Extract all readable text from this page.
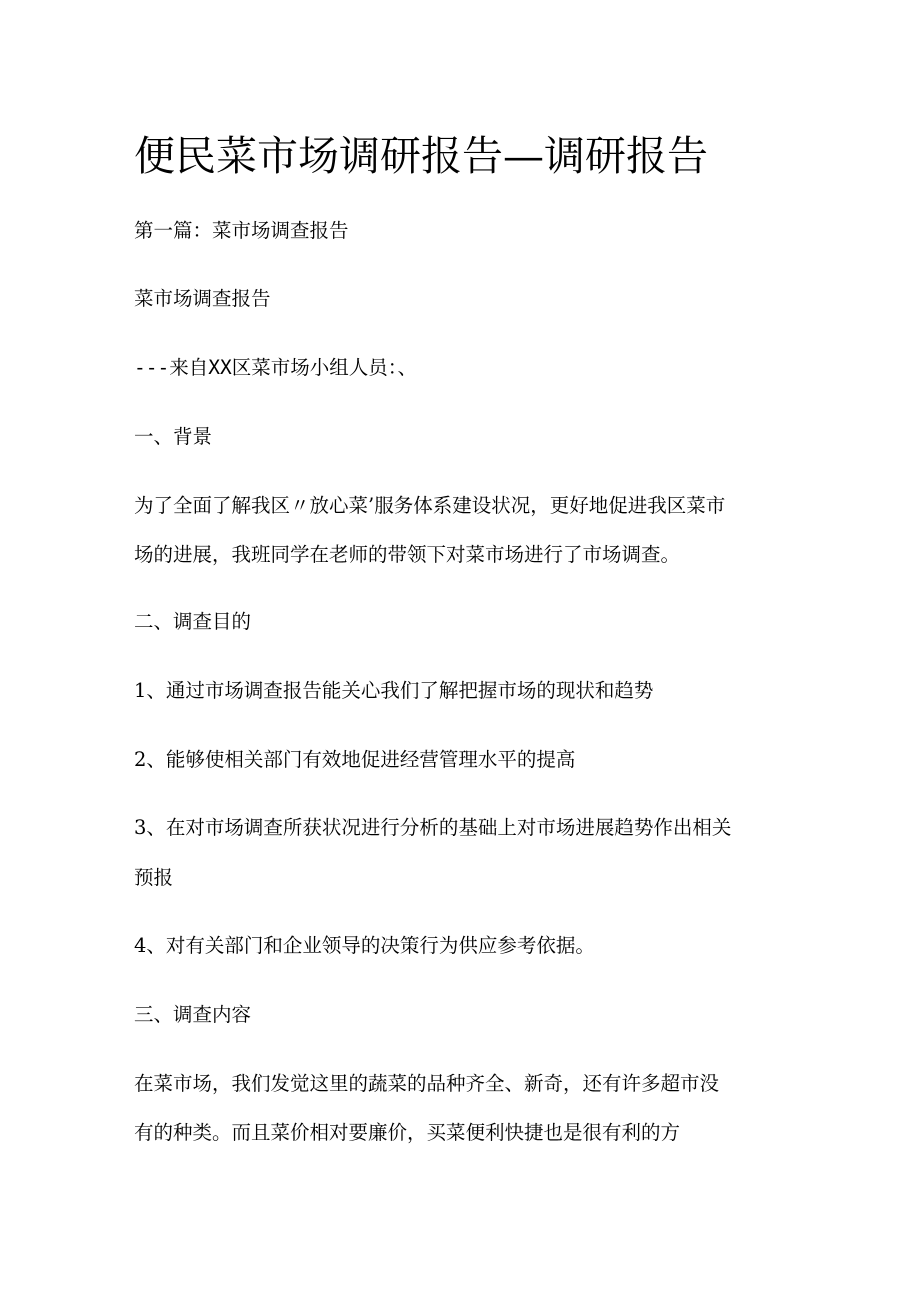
便民菜市场调研报告—调研报告
第一篇：菜市场调查报告
菜市场调查报告
---来自XX区菜市场小组人员：、
一、背景
为了全面了解我区〃放心菜’服务体系建设状况，更好地促进我区菜市
场的进展，我班同学在老师的带领下对菜市场进行了市场调查。
二、调查目的
1、通过市场调查报告能关心我们了解把握市场的现状和趋势
2、能够使相关部门有效地促进经营管理水平的提高
3、在对市场调查所获状况进行分析的基础上对市场进展趋势作出相关
预报
4、对有关部门和企业领导的决策行为供应参考依据。
三、调查内容
在菜市场，我们发觉这里的蔬菜的品种齐全、新奇，还有许多超市没
有的种类。而且菜价相对要廉价，买菜便利快捷也是很有利的方
